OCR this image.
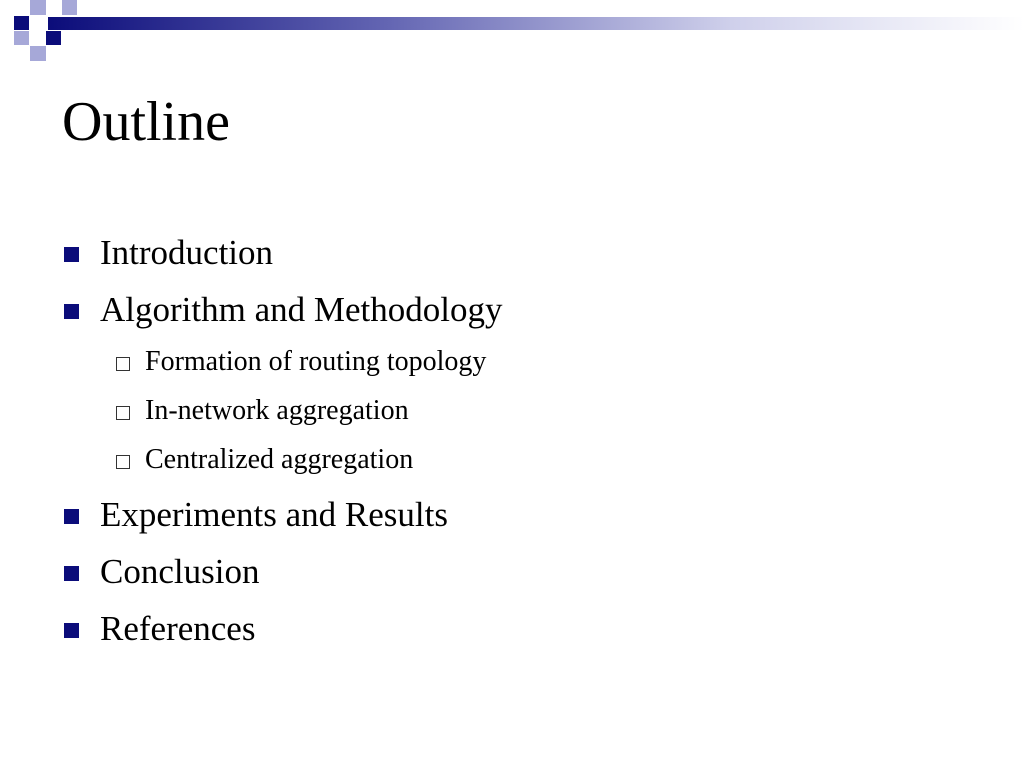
Outline
Introduction
Algorithm and Methodology
Formation of routing topology
In-network aggregation
Centralized aggregation
Experiments and Results
Conclusion
References
